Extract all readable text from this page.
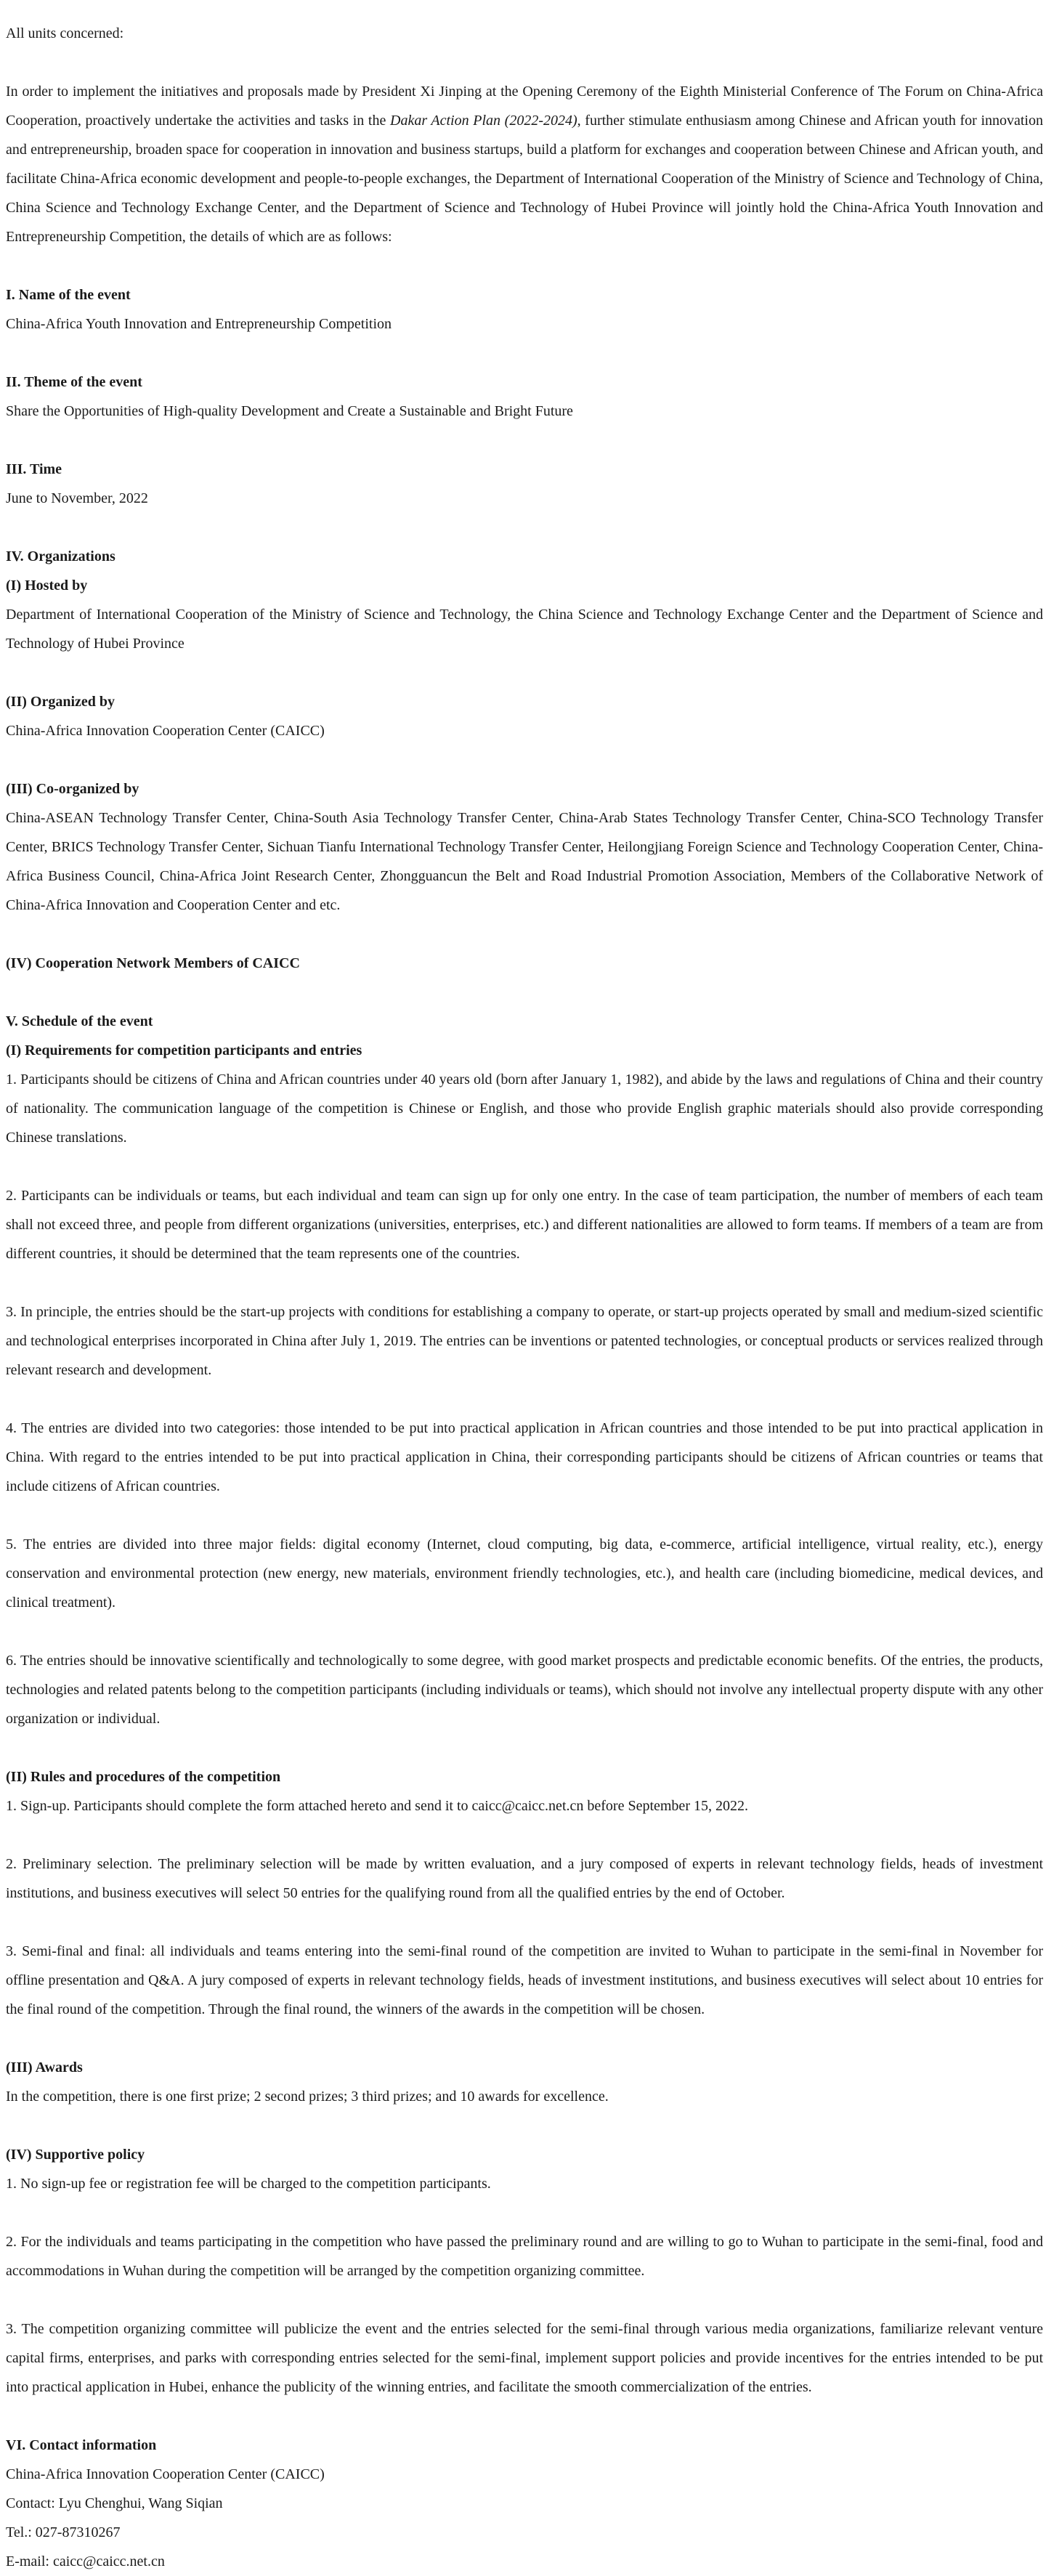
All units concerned:

In order to implement the initiatives and proposals made by President Xi Jinping at the Opening Ceremony of the Eighth Ministerial Conference of The Forum on China-Africa Cooperation, proactively undertake the activities and tasks in the Dakar Action Plan (2022-2024), further stimulate enthusiasm among Chinese and African youth for innovation and entrepreneurship, broaden space for cooperation in innovation and business startups, build a platform for exchanges and cooperation between Chinese and African youth, and facilitate China-Africa economic development and people-to-people exchanges, the Department of International Cooperation of the Ministry of Science and Technology of China, China Science and Technology Exchange Center, and the Department of Science and Technology of Hubei Province will jointly hold the China-Africa Youth Innovation and Entrepreneurship Competition, the details of which are as follows:

I. Name of the event

China-Africa Youth Innovation and Entrepreneurship Competition

II. Theme of the event

Share the Opportunities of High-quality Development and Create a Sustainable and Bright Future

III. Time

June to November, 2022

IV. Organizations

(I) Hosted by

Department of International Cooperation of the Ministry of Science and Technology, the China Science and Technology Exchange Center and the Department of Science and Technology of Hubei Province

(II) Organized by

China-Africa Innovation Cooperation Center (CAICC)

(III) Co-organized by

China-ASEAN Technology Transfer Center, China-South Asia Technology Transfer Center, China-Arab States Technology Transfer Center, China-SCO Technology Transfer Center, BRICS Technology Transfer Center, Sichuan Tianfu International Technology Transfer Center, Heilongjiang Foreign Science and Technology Cooperation Center, China-Africa Business Council, China-Africa Joint Research Center, Zhongguancun the Belt and Road Industrial Promotion Association, Members of the Collaborative Network of China-Africa Innovation and Cooperation Center and etc.

(IV) Cooperation Network Members of CAICC

V. Schedule of the event

(I) Requirements for competition participants and entries

1. Participants should be citizens of China and African countries under 40 years old (born after January 1, 1982), and abide by the laws and regulations of China and their country of nationality. The communication language of the competition is Chinese or English, and those who provide English graphic materials should also provide corresponding Chinese translations.

2. Participants can be individuals or teams, but each individual and team can sign up for only one entry. In the case of team participation, the number of members of each team shall not exceed three, and people from different organizations (universities, enterprises, etc.) and different nationalities are allowed to form teams. If members of a team are from different countries, it should be determined that the team represents one of the countries.

3. In principle, the entries should be the start-up projects with conditions for establishing a company to operate, or start-up projects operated by small and medium-sized scientific and technological enterprises incorporated in China after July 1, 2019. The entries can be inventions or patented technologies, or conceptual products or services realized through relevant research and development.

4. The entries are divided into two categories: those intended to be put into practical application in African countries and those intended to be put into practical application in China. With regard to the entries intended to be put into practical application in China, their corresponding participants should be citizens of African countries or teams that include citizens of African countries.

5. The entries are divided into three major fields: digital economy (Internet, cloud computing, big data, e-commerce, artificial intelligence, virtual reality, etc.), energy conservation and environmental protection (new energy, new materials, environment friendly technologies, etc.), and health care (including biomedicine, medical devices, and clinical treatment).

6. The entries should be innovative scientifically and technologically to some degree, with good market prospects and predictable economic benefits. Of the entries, the products, technologies and related patents belong to the competition participants (including individuals or teams), which should not involve any intellectual property dispute with any other organization or individual.

(II) Rules and procedures of the competition

1. Sign-up. Participants should complete the form attached hereto and send it to caicc@caicc.net.cn before September 15, 2022.

2. Preliminary selection. The preliminary selection will be made by written evaluation, and a jury composed of experts in relevant technology fields, heads of investment institutions, and business executives will select 50 entries for the qualifying round from all the qualified entries by the end of October.

3. Semi-final and final: all individuals and teams entering into the semi-final round of the competition are invited to Wuhan to participate in the semi-final in November for offline presentation and Q&A. A jury composed of experts in relevant technology fields, heads of investment institutions, and business executives will select about 10 entries for the final round of the competition. Through the final round, the winners of the awards in the competition will be chosen.

(III) Awards

In the competition, there is one first prize; 2 second prizes; 3 third prizes; and 10 awards for excellence.

(IV) Supportive policy

1. No sign-up fee or registration fee will be charged to the competition participants.

2. For the individuals and teams participating in the competition who have passed the preliminary round and are willing to go to Wuhan to participate in the semi-final, food and accommodations in Wuhan during the competition will be arranged by the competition organizing committee.

3. The competition organizing committee will publicize the event and the entries selected for the semi-final through various media organizations, familiarize relevant venture capital firms, enterprises, and parks with corresponding entries selected for the semi-final, implement support policies and provide incentives for the entries intended to be put into practical application in Hubei, enhance the publicity of the winning entries, and facilitate the smooth commercialization of the entries.

VI. Contact information

China-Africa Innovation Cooperation Center (CAICC)

Contact: Lyu Chenghui, Wang Siqian

Tel.: 027-87310267

E-mail: caicc@caicc.net.cn
